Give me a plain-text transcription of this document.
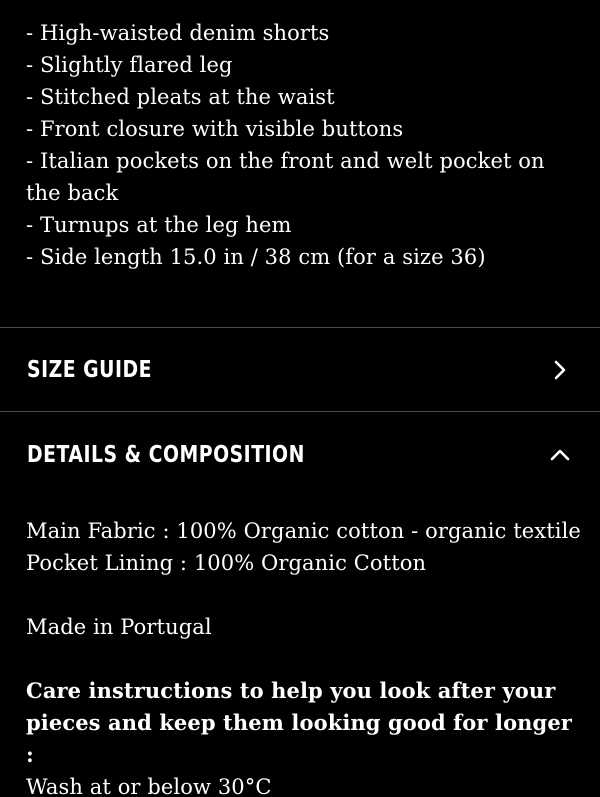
- High-waisted denim shorts
- Slightly flared leg
- Stitched pleats at the waist
- Front closure with visible buttons
- Italian pockets on the front and welt pocket on the back
- Turnups at the leg hem
- Side length 15.0 in / 38 cm (for a size 36)
SIZE GUIDE
DETAILS & COMPOSITION

Main Fabric : 100% Organic cotton - organic textile

Pocket Lining : 100% Organic Cotton

Made in Portugal

Care instructions to help you look after your pieces and keep them looking good for longer :

Wash at or below 30°C
